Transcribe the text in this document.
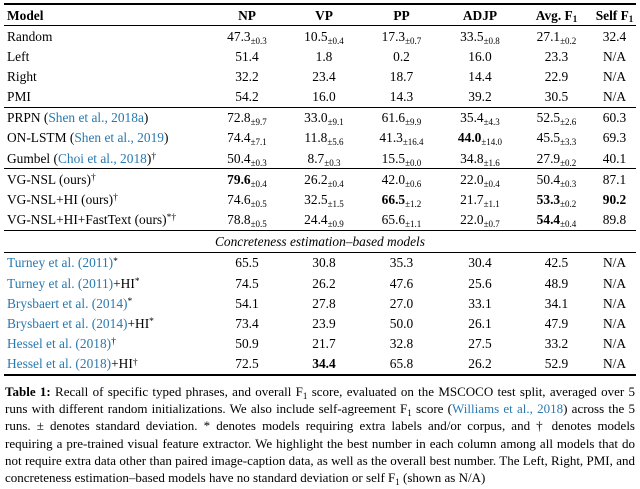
Model	NP	VP	PP	ADJP	Avg. $F_1$	Self $F_1$
Random	$47.3_{\pm 0.3}$	$10.5_{\pm 0.4}$	$17.3_{\pm 0.7}$	$33.5_{\pm 0.8}$	$27.1_{\pm 0.2}$	32.4
Left	51.4	1.8	0.2	16.0	23.3	N/A
Right	32.2	23.4	18.7	14.4	22.9	N/A
PMI	54.2	16.0	14.3	39.2	30.5	N/A
PRPN (Shen et al., 2018a)	$72.8_{\pm 9.7}$	$33.0_{\pm 9.1}$	$61.6_{\pm 9.9}$	$35.4_{\pm 4.3}$	$52.5_{\pm 2.6}$	60.3
ON-LSTM (Shen et al., 2019)	$74.4_{\pm 7.1}$	$11.8_{\pm 5.6}$	$41.3_{\pm 16.4}$	$44.0_{\pm 14.0}$	$45.5_{\pm 3.3}$	69.3
Gumbel (Choi et al., 2018)†	$50.4_{\pm 0.3}$	$8.7_{\pm 0.3}$	$15.5_{\pm 0.0}$	$34.8_{\pm 1.6}$	$27.9_{\pm 0.2}$	40.1
VG-NSL (ours)†	$79.6_{\pm 0.4}$	$26.2_{\pm 0.4}$	$42.0_{\pm 0.6}$	$22.0_{\pm 0.4}$	$50.4_{\pm 0.3}$	87.1
VG-NSL+HI (ours)†	$74.6_{\pm 0.5}$	$32.5_{\pm 1.5}$	$66.5_{\pm 1.2}$	$21.7_{\pm 1.1}$	$53.3_{\pm 0.2}$	90.2
VG-NSL+HI+FastText (ours)*†	$78.8_{\pm 0.5}$	$24.4_{\pm 0.9}$	$65.6_{\pm 1.1}$	$22.0_{\pm 0.7}$	$54.4_{\pm 0.4}$	89.8
Concreteness estimation–based models						
Turney et al. (2011)*	65.5	30.8	35.3	30.4	42.5	N/A
Turney et al. (2011)+HI*	74.5	26.2	47.6	25.6	48.9	N/A
Brysbaert et al. (2014)*	54.1	27.8	27.0	33.1	34.1	N/A
Brysbaert et al. (2014)+HI*	73.4	23.9	50.0	26.1	47.9	N/A
Hessel et al. (2018)†	50.9	21.7	32.8	27.5	33.2	N/A
Hessel et al. (2018)+HI†	72.5	34.4	65.8	26.2	52.9	N/A
Table 1: Recall of specific typed phrases, and overall $F_1$ score, evaluated on the MSCOCO test split, averaged over 5 runs with different random initializations. We also include self-agreement $F_1$ score (Williams et al., 2018) across the 5 runs. ± denotes standard deviation. * denotes models requiring extra labels and/or corpus, and † denotes models requiring a pre-trained visual feature extractor. We highlight the best number in each column among all models that do not require extra data other than paired image-caption data, as well as the overall best number. The Left, Right, PMI, and concreteness estimation–based models have no standard deviation or self $F_1$ (shown as N/A)
